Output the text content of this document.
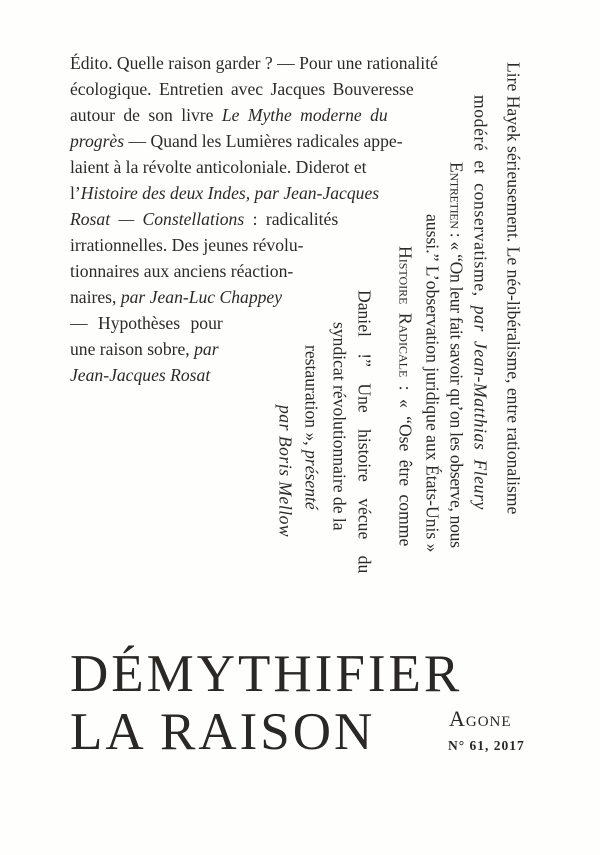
Édito. Quelle raison garder ? — Pour une rationalité
écologique. Entretien avec Jacques Bouveresse
autour de son livre Le Mythe moderne du
progrès — Quand les Lumières radicales appe-
laient à la révolte anticoloniale. Diderot et
l’Histoire des deux Indes, par Jean-Jacques
Rosat — Constellations : radicalités
irrationnelles. Des jeunes révolu-
tionnaires aux anciens réaction-
naires, par Jean-Luc Chappey
— Hypothèses pour
une raison sobre, par
Jean-Jacques Rosat	Lire Hayek sérieusement. Le néo-libéralisme, entre rationalisme
modéré et conservatisme, par Jean-Matthias Fleury
Entretien : « “On leur fait savoir qu’on les observe, nous
aussi.” L’observation juridique aux États-Unis »
Histoire Radicale : « “Ose être comme
Daniel !” Une histoire vécue du
syndicat révolutionnaire de la
restauration », présenté
par Boris Mellow
DÉMYTHIFIER
LA RAISON	Agone
N° 61, 2017
